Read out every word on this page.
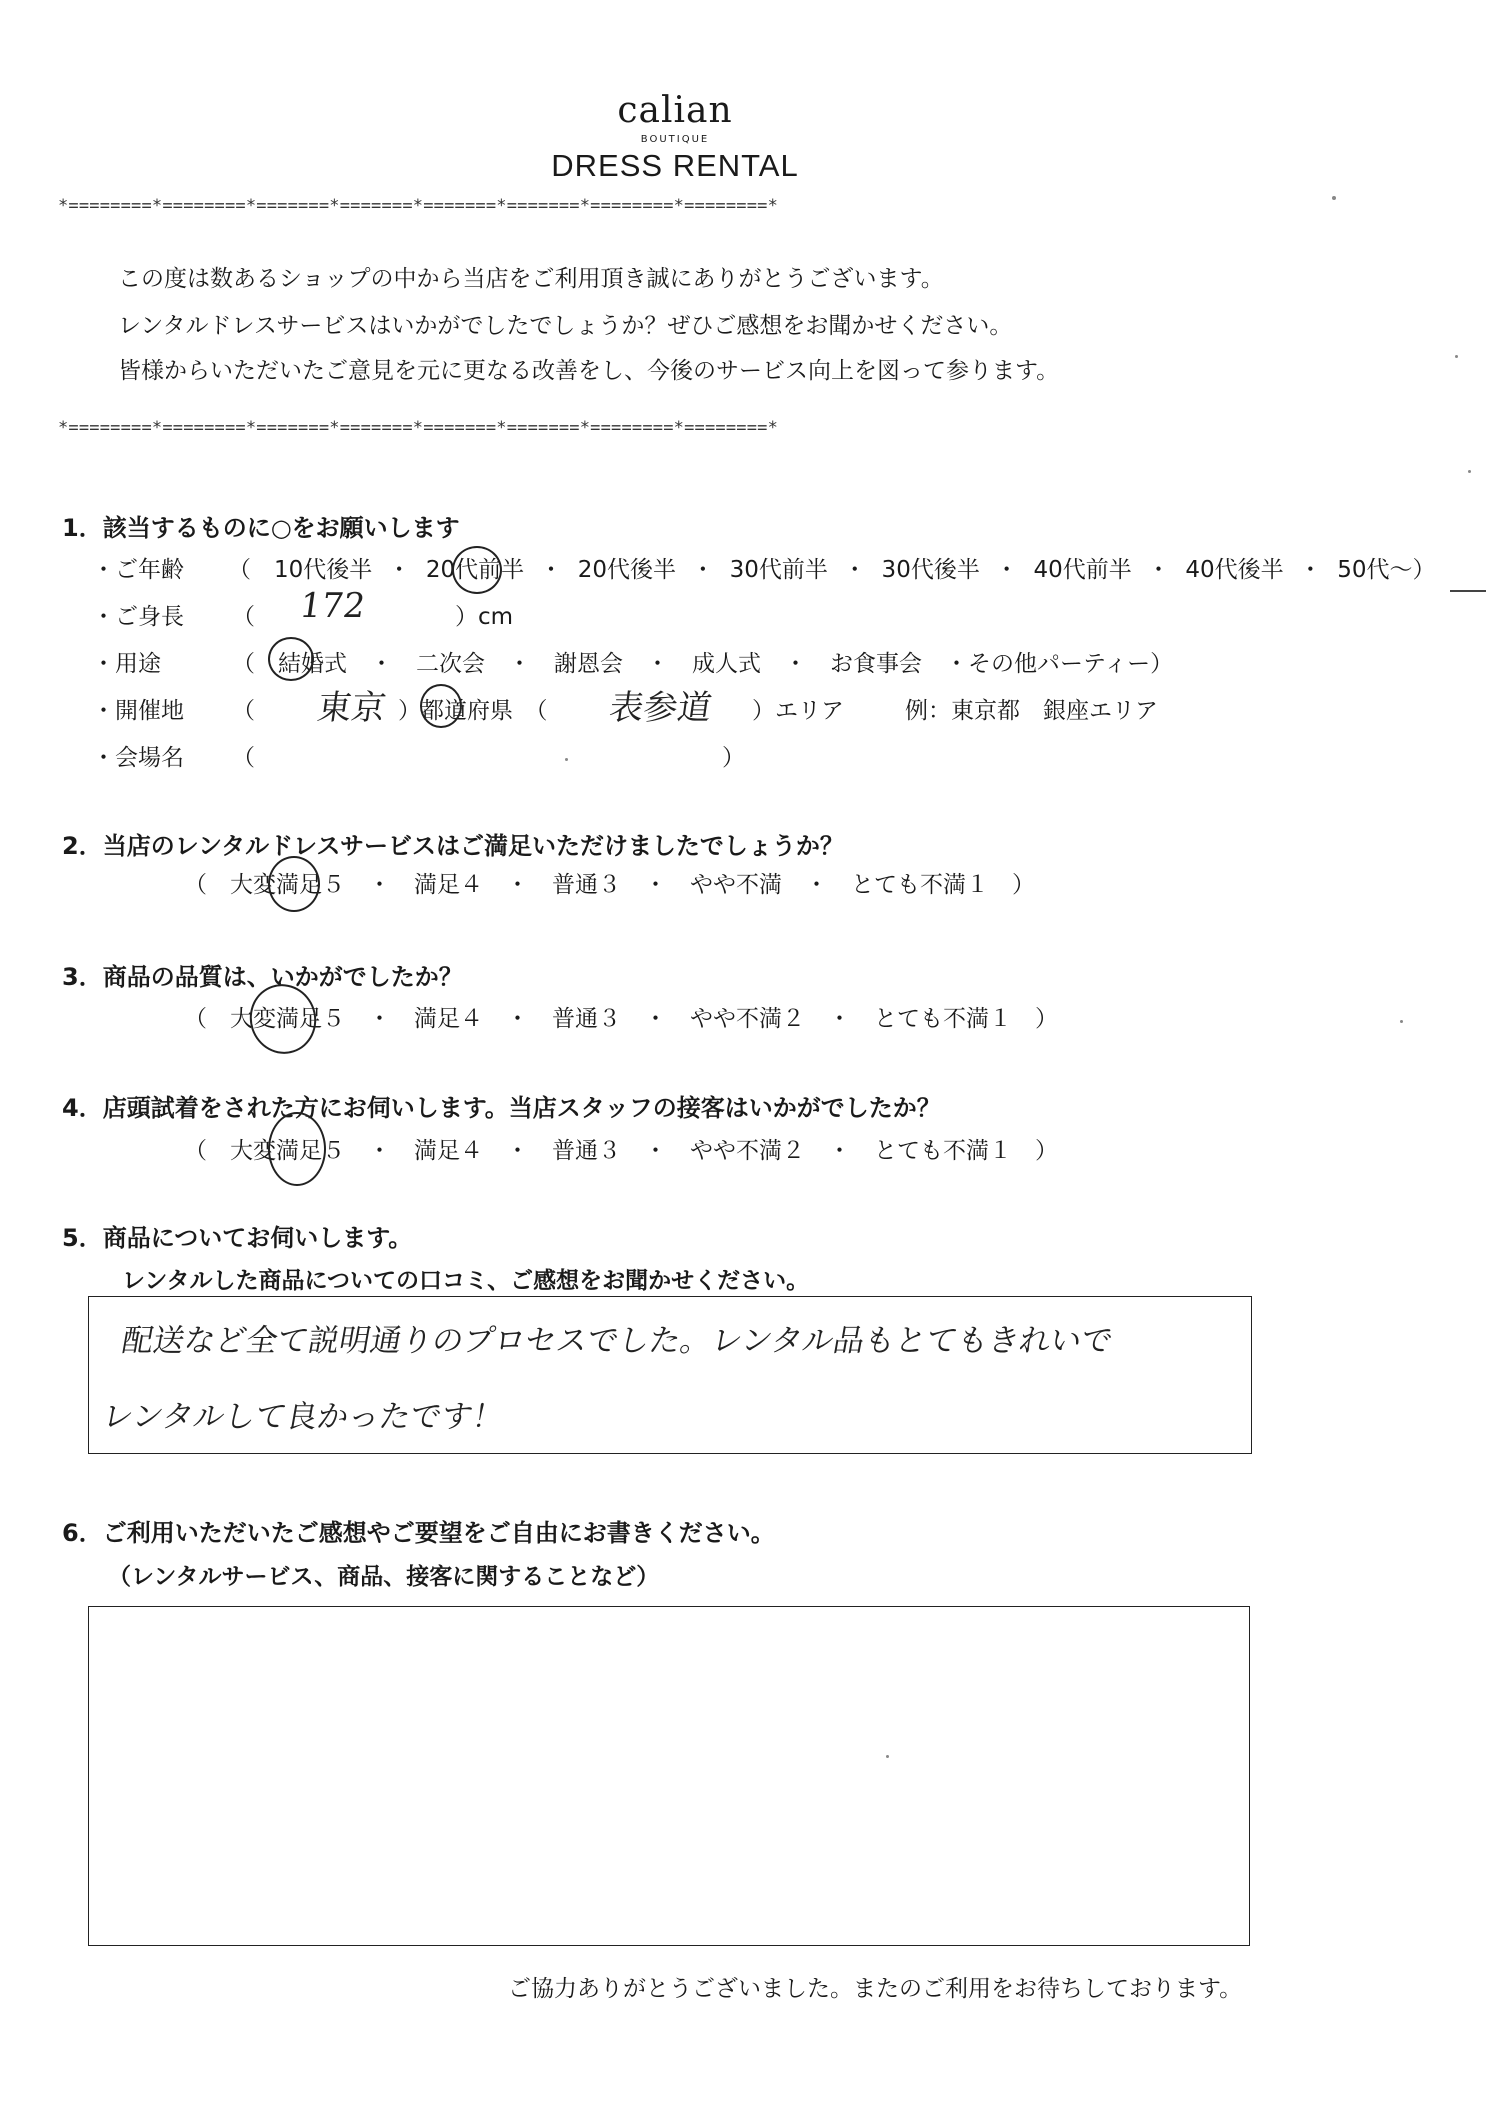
calian
BOUTIQUE
DRESS RENTAL
*========*========*=======*=======*=======*=======*========*========*
この度は数あるショップの中から当店をご利用頂き誠にありがとうございます。
レンタルドレスサービスはいかがでしたでしょうか？ぜひご感想をお聞かせください。
皆様からいただいたご意見を元に更なる改善をし、今後のサービス向上を図って参ります。
*========*========*=======*=======*=======*=======*========*========*
1．該当するものに○をお願いします
・ご年齢 （　10代後半 ・ 20代前半 ・ 20代後半 ・ 30代前半 ・ 30代後半 ・ 40代前半 ・ 40代後半 ・ 50代～）
・ご身長 （ 172	）cm
・用途	（　結婚式　・　二次会　・　謝恩会　・　成人式　・　お食事会　・その他パーティー）
・開催地 （ 東京 ）都道府県　（ 表参道 ）エリア	例：東京都　銀座エリア
・会場名 （	）
2．当店のレンタルドレスサービスはご満足いただけましたでしょうか？
（　大変満足５　・　満足４　・　普通３　・　やや不満　・　とても不満１　）
3．商品の品質は、いかがでしたか？
（　大変満足５　・　満足４　・　普通３　・　やや不満２　・　とても不満１　）
4．店頭試着をされた方にお伺いします。当店スタッフの接客はいかがでしたか？
（　大変満足５　・　満足４　・　普通３　・　やや不満２　・　とても不満１　）
5．商品についてお伺いします。
レンタルした商品についての口コミ、ご感想をお聞かせください。
配送など全て説明通りのプロセスでした。レンタル品もとてもきれいで
レンタルして良かったです！
6．ご利用いただいたご感想やご要望をご自由にお書きください。
（レンタルサービス、商品、接客に関することなど）
ご協力ありがとうございました。またのご利用をお待ちしております。
